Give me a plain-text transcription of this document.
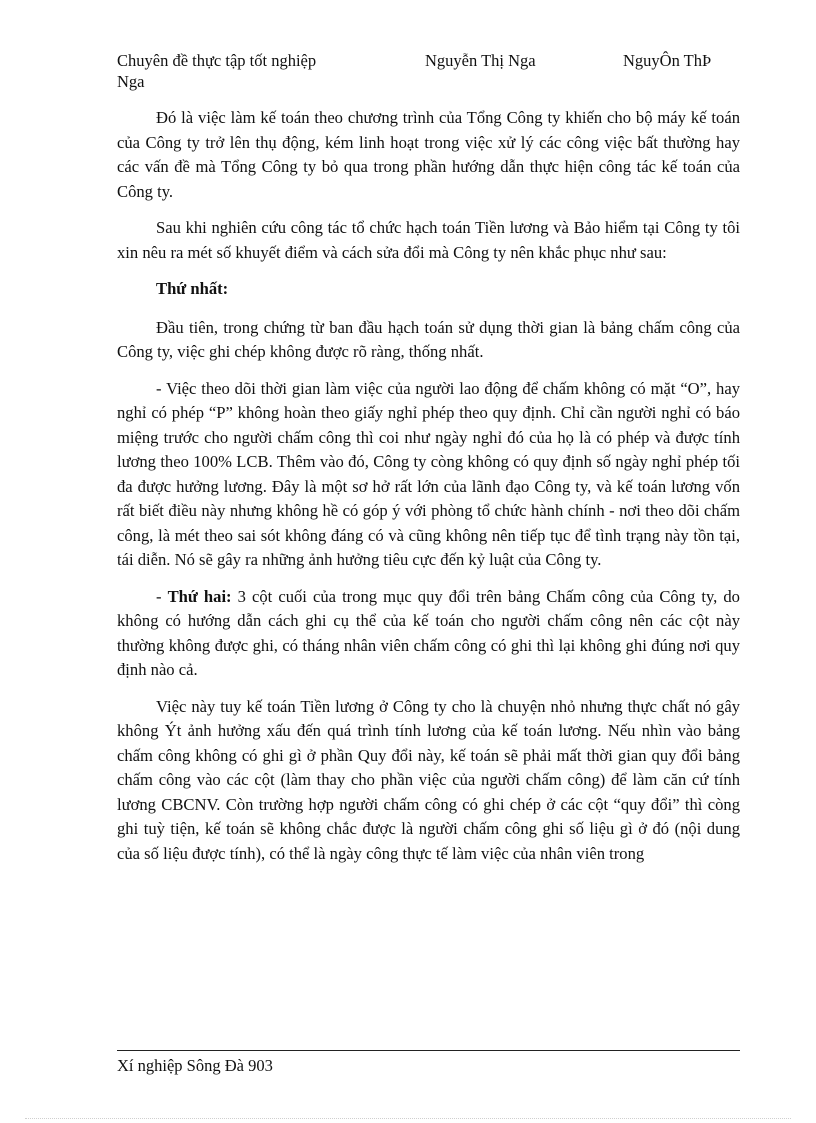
Chuyên đề thực tập tốt nghiệp	Nguyễn Thị Nga	NguyÔn ThÞ
Nga

Đó là việc làm kế toán theo chương trình của Tổng Công ty khiến cho bộ máy kế toán của Công ty trở lên thụ động, kém linh hoạt trong việc xử lý các công việc bất thường hay các vấn đề mà Tổng Công ty bỏ qua trong phần hướng dẫn thực hiện công tác kế toán của Công ty.

Sau khi nghiên cứu công tác tổ chức hạch toán Tiền lương và Bảo hiểm tại Công ty tôi xin nêu ra mét số khuyết điểm và cách sửa đổi mà Công ty nên khắc phục như sau:

Thứ nhất:

Đầu tiên, trong chứng từ ban đầu hạch toán sử dụng thời gian là bảng chấm công của Công ty, việc ghi chép không được rõ ràng, thống nhất.

- Việc theo dõi thời gian làm việc của người lao động để chấm không có mặt “O”, hay nghỉ có phép “P” không hoàn theo giấy nghỉ phép theo quy định. Chỉ cần người nghỉ có báo miệng trước cho người chấm công thì coi như ngày nghỉ đó của họ là có phép và được tính lương theo 100% LCB. Thêm vào đó, Công ty còng không có quy định số ngày nghỉ phép tối đa được hưởng lương. Đây là một sơ hở rất lớn của lãnh đạo Công ty, và kế toán lương vốn rất biết điều này nhưng không hề có góp ý với phòng tổ chức hành chính - nơi theo dõi chấm công, là mét theo sai sót không đáng có và cũng không nên tiếp tục để tình trạng này tồn tại, tái diễn. Nó sẽ gây ra những ảnh hưởng tiêu cực đến kỷ luật của Công ty.

- Thứ hai: 3 cột cuối của trong mục quy đổi trên bảng Chấm công của Công ty, do không có hướng dẫn cách ghi cụ thể của kế toán cho người chấm công nên các cột này thường không được ghi, có tháng nhân viên chấm công có ghi thì lại không ghi đúng nơi quy định nào cả.

Việc này tuy kế toán Tiền lương ở Công ty cho là chuyện nhỏ nhưng thực chất nó gây không Ýt ảnh hưởng xấu đến quá trình tính lương của kế toán lương. Nếu nhìn vào bảng chấm công không có ghi gì ở phần Quy đổi này, kế toán sẽ phải mất thời gian quy đổi bảng chấm công vào các cột (làm thay cho phần việc của người chấm công) để làm căn cứ tính lương CBCNV. Còn trường hợp người chấm công có ghi chép ở các cột “quy đổi” thì còng ghi tuỳ tiện, kế toán sẽ không chắc được là người chấm công ghi số liệu gì ở đó (nội dung của số liệu được tính), có thể là ngày công thực tế làm việc của nhân viên trong

Xí nghiệp Sông Đà 903
